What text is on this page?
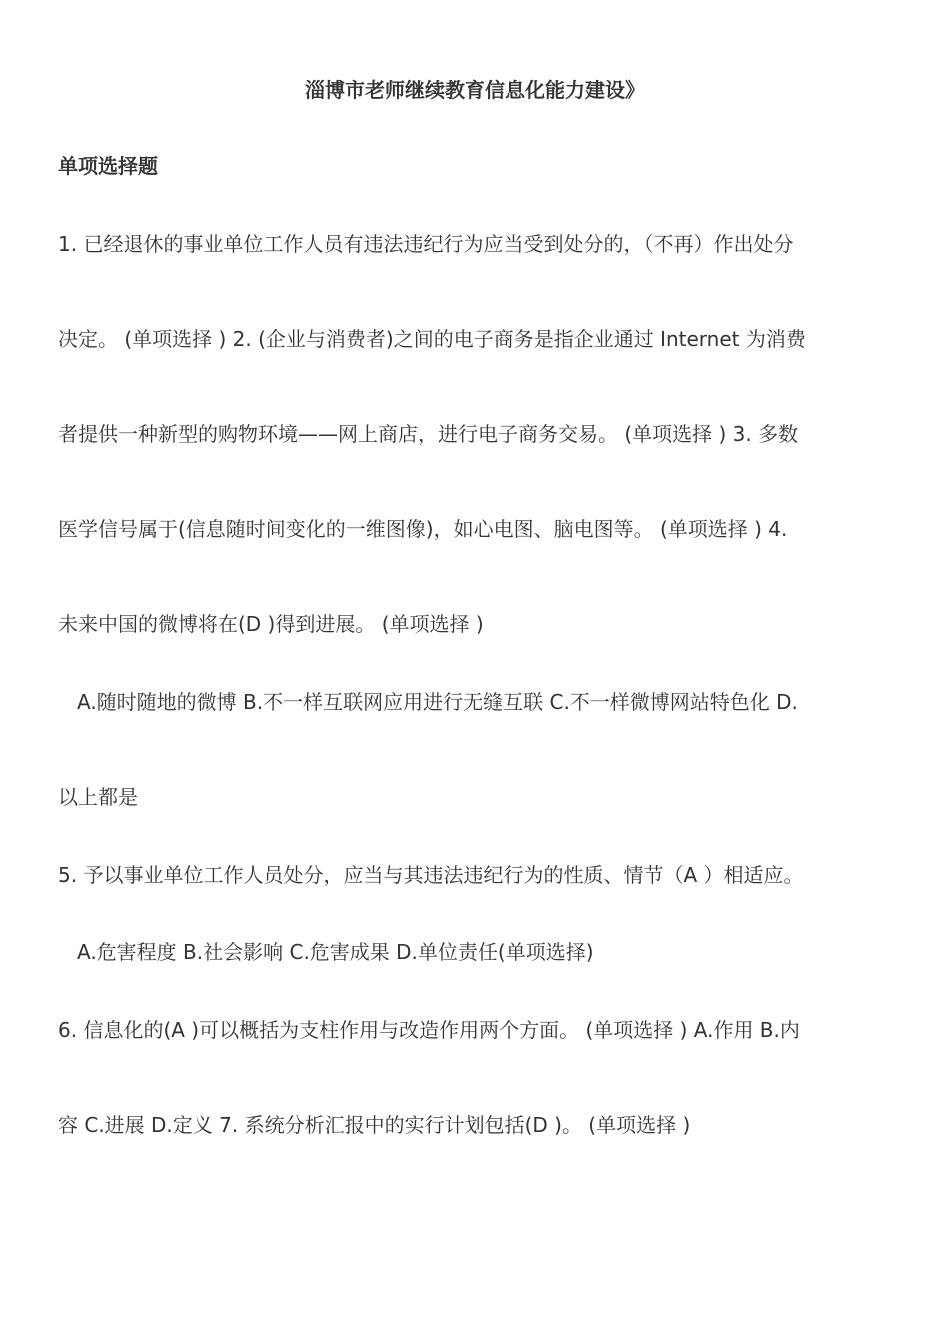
淄博市老师继续教育信息化能力建设》
单项选择题
1. 已经退休的事业单位工作人员有违法违纪行为应当受到处分的，（不再）作出处分
决定。 (单项选择 ) 2. (企业与消费者)之间的电子商务是指企业通过 Internet 为消费
者提供一种新型的购物环境——网上商店，进行电子商务交易。 (单项选择 ) 3. 多数
医学信号属于(信息随时间变化的一维图像)，如心电图、脑电图等。 (单项选择 ) 4.
未来中国的微博将在(D )得到进展。 (单项选择 )
A.随时随地的微博 B.不一样互联网应用进行无缝互联 C.不一样微博网站特色化 D.
以上都是
5. 予以事业单位工作人员处分，应当与其违法违纪行为的性质、情节（A ）相适应。
A.危害程度 B.社会影响 C.危害成果 D.单位责任(单项选择)
6. 信息化的(A )可以概括为支柱作用与改造作用两个方面。 (单项选择 ) A.作用 B.内
容 C.进展 D.定义 7. 系统分析汇报中的实行计划包括(D )。 (单项选择 )
